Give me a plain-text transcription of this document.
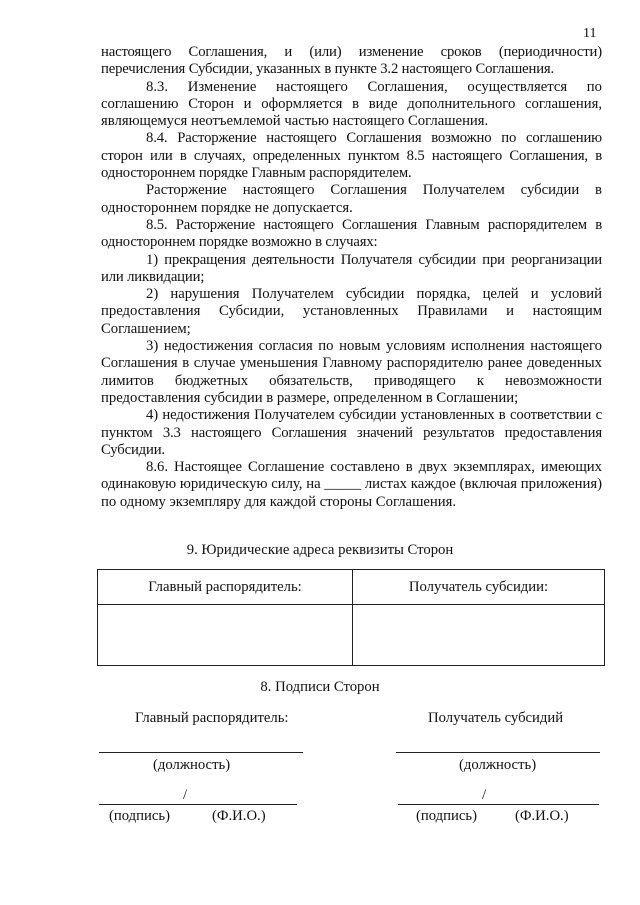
11

настоящего Соглашения, и (или) изменение сроков (периодичности) перечисления Субсидии, указанных в пункте 3.2 настоящего Соглашения.

8.3. Изменение настоящего Соглашения, осуществляется по соглашению Сторон и оформляется в виде дополнительного соглашения, являющемуся неотъемлемой частью настоящего Соглашения.

8.4. Расторжение настоящего Соглашения возможно по соглашению сторон или в случаях, определенных пунктом 8.5 настоящего Соглашения, в одностороннем порядке Главным распорядителем.

Расторжение настоящего Соглашения Получателем субсидии в одностороннем порядке не допускается.

8.5. Расторжение настоящего Соглашения Главным распорядителем в одностороннем порядке возможно в случаях:

1) прекращения деятельности Получателя субсидии при реорганизации или ликвидации;

2) нарушения Получателем субсидии порядка, целей и условий предоставления Субсидии, установленных Правилами и настоящим Соглашением;

3) недостижения согласия по новым условиям исполнения настоящего Соглашения в случае уменьшения Главному распорядителю ранее доведенных лимитов бюджетных обязательств, приводящего к невозможности предоставления субсидии в размере, определенном в Соглашении;

4) недостижения Получателем субсидии установленных в соответствии с пунктом 3.3 настоящего Соглашения значений результатов предоставления Субсидии.

8.6. Настоящее Соглашение составлено в двух экземплярах, имеющих одинаковую юридическую силу, на _____ листах каждое (включая приложения) по одному экземпляру для каждой стороны Соглашения.

9. Юридические адреса реквизиты Сторон
Главный распорядитель:	Получатель субсидии:

8. Подписи Сторон
Главный распорядитель:	Получатель субсидий
(должность)	(должность)
/	/
(подпись)	(Ф.И.О.)	(подпись)	(Ф.И.О.)
